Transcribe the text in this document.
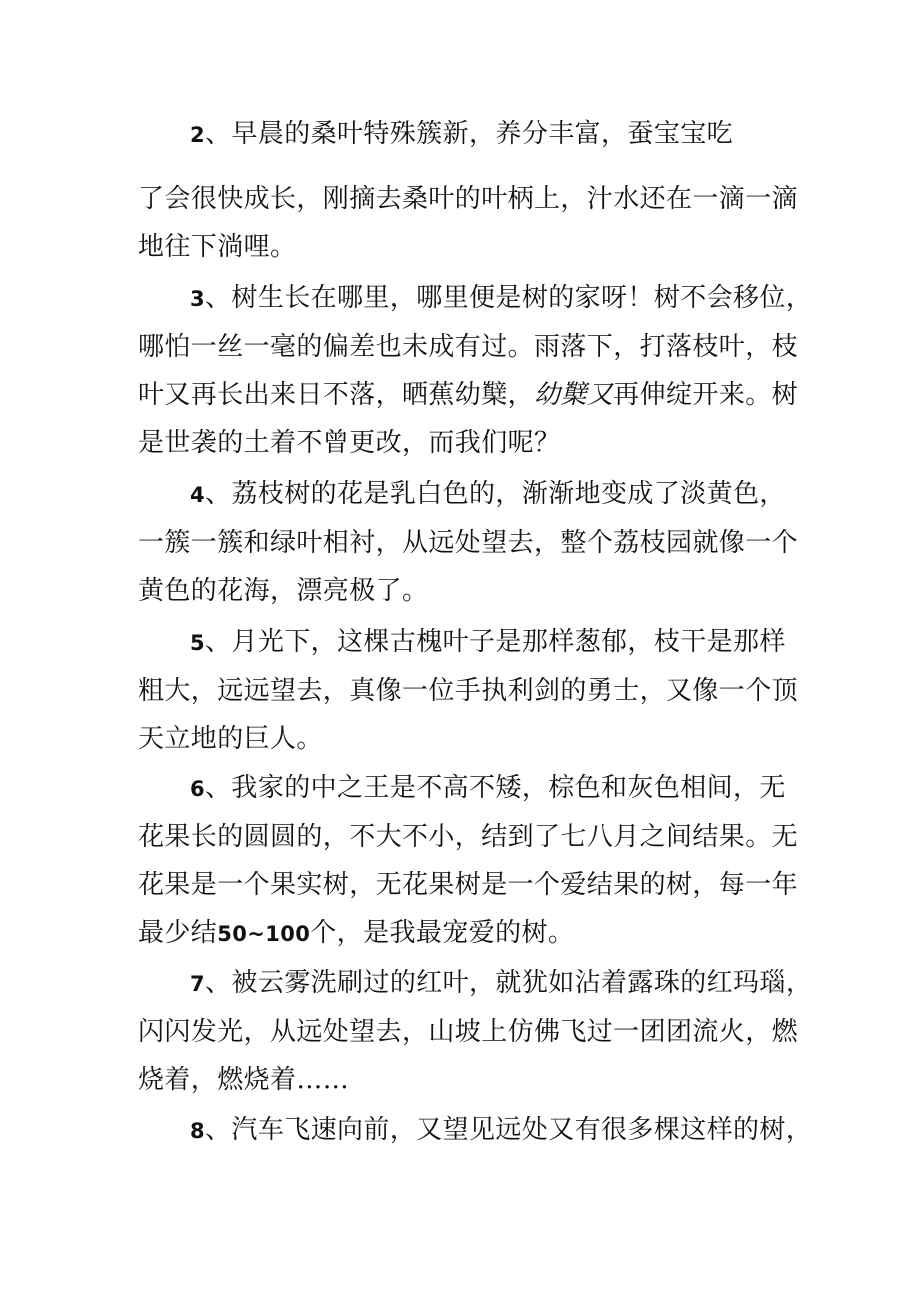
2、早晨的桑叶特殊簇新，养分丰富，蚕宝宝吃
了会很快成长，刚摘去桑叶的叶柄上，汁水还在一滴一滴
地往下淌哩。
3、树生长在哪里，哪里便是树的家呀！树不会移位，
哪怕一丝一毫的偏差也未成有过。雨落下，打落枝叶，枝
叶又再长出来日不落，晒蕉幼櫱，幼櫱又再伸绽开来。树
是世袭的土着不曾更改，而我们呢？
4、荔枝树的花是乳白色的，渐渐地变成了淡黄色，
一簇一簇和绿叶相衬，从远处望去，整个荔枝园就像一个
黄色的花海，漂亮极了。
5、月光下，这棵古槐叶子是那样葱郁，枝干是那样
粗大，远远望去，真像一位手执利剑的勇士，又像一个顶
天立地的巨人。
6、我家的中之王是不高不矮，棕色和灰色相间，无
花果长的圆圆的，不大不小，结到了七八月之间结果。无
花果是一个果实树，无花果树是一个爱结果的树，每一年
最少结50~100个，是我最宠爱的树。
7、被云雾洗刷过的红叶，就犹如沾着露珠的红玛瑙，
闪闪发光，从远处望去，山坡上仿佛飞过一团团流火，燃
烧着，燃烧着……
8、汽车飞速向前，又望见远处又有很多棵这样的树，
